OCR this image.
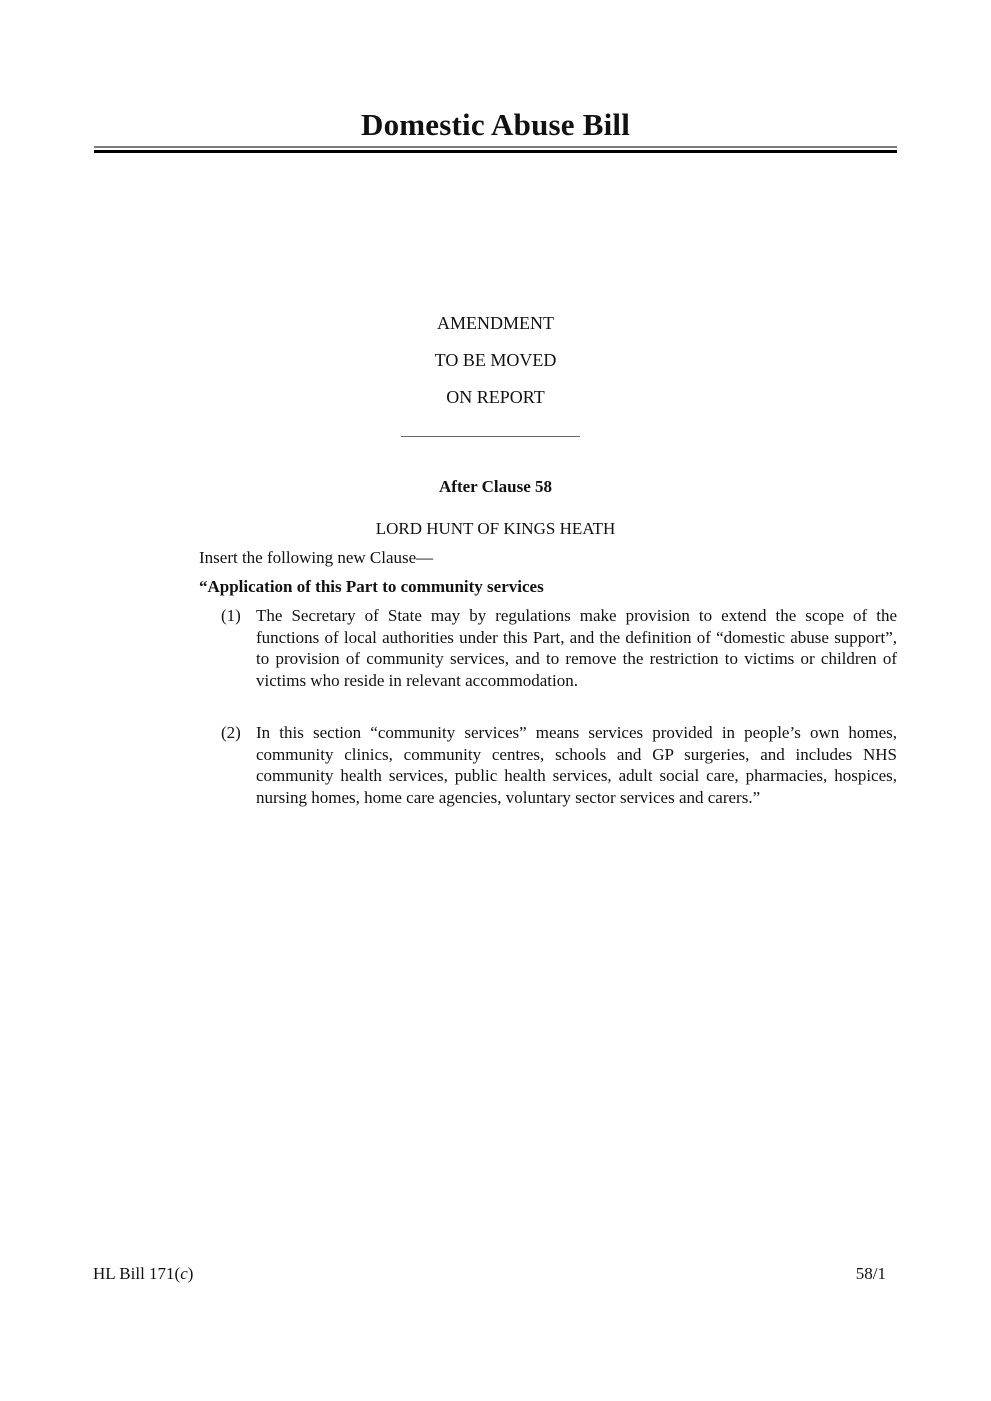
Domestic Abuse Bill
AMENDMENT
TO BE MOVED
ON REPORT
After Clause 58
LORD HUNT OF KINGS HEATH
Insert the following new Clause—
“Application of this Part to community services
(1) The Secretary of State may by regulations make provision to extend the scope of the functions of local authorities under this Part, and the definition of “domestic abuse support”, to provision of community services, and to remove the restriction to victims or children of victims who reside in relevant accommodation.
(2) In this section “community services” means services provided in people’s own homes, community clinics, community centres, schools and GP surgeries, and includes NHS community health services, public health services, adult social care, pharmacies, hospices, nursing homes, home care agencies, voluntary sector services and carers.”
HL Bill 171(c)	58/1
